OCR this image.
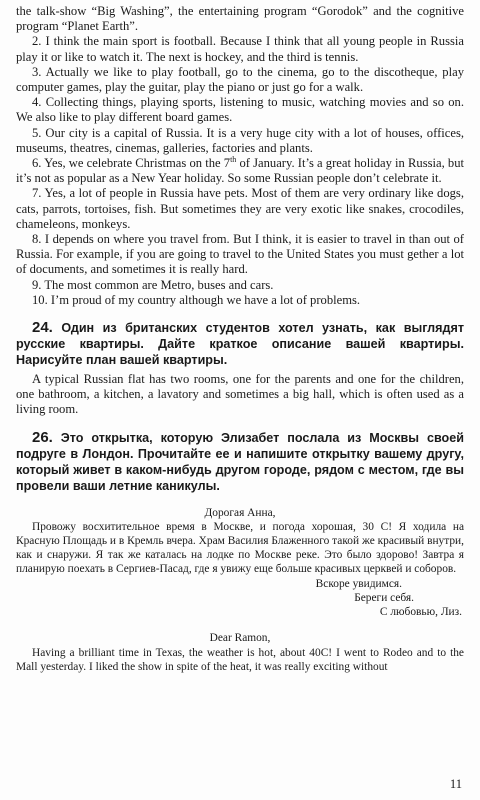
the talk-show “Big Washing”, the entertaining program “Gorodok” and the cognitive program “Planet Earth”.

2. I think the main sport is football. Because I think that all young people in Russia play it or like to watch it. The next is hockey, and the third is tennis.

3. Actually we like to play football, go to the cinema, go to the discotheque, play computer games, play the guitar, play the piano or just go for a walk.

4. Collecting things, playing sports, listening to music, watching movies and so on. We also like to play different board games.

5. Our city is a capital of Russia. It is a very huge city with a lot of houses, offices, museums, theatres, cinemas, galleries, factories and plants.

6. Yes, we celebrate Christmas on the 7th of January. It’s a great holiday in Russia, but it’s not as popular as a New Year holiday. So some Russian people don’t celebrate it.

7. Yes, a lot of people in Russia have pets. Most of them are very ordinary like dogs, cats, parrots, tortoises, fish. But sometimes they are very exotic like snakes, crocodiles, chameleons, monkeys.

8. I depends on where you travel from. But I think, it is easier to travel in than out of Russia. For example, if you are going to travel to the United States you must gether a lot of documents, and sometimes it is really hard.

9. The most common are Metro, buses and cars.

10. I’m proud of my country although we have a lot of problems.

24. Один из британских студентов хотел узнать, как выглядят русские квартиры. Дайте краткое описание вашей квартиры. Нарисуйте план вашей квартиры.

A typical Russian flat has two rooms, one for the parents and one for the children, one bathroom, a kitchen, a lavatory and sometimes a big hall, which is often used as a living room.

26. Это открытка, которую Элизабет послала из Москвы своей подруге в Лондон. Прочитайте ее и напишите открытку вашему другу, который живет в каком-нибудь другом городе, рядом с местом, где вы провели ваши летние каникулы.

Дорогая Анна,

Провожу восхитительное время в Москве, и погода хорошая, 30 С! Я ходила на Красную Площадь и в Кремль вчера. Храм Василия Блаженного такой же красивый внутри, как и снаружи. Я так же каталась на лодке по Москве реке. Это было здорово! Завтра я планирую поехать в Сергиев-Пасад, где я увижу еще больше красивых церквей и соборов.

Вскоре увидимся.

Береги себя.

С любовью, Лиз.

Dear Ramon,

Having a brilliant time in Texas, the weather is hot, about 40C! I went to Rodeo and to the Mall yesterday. I liked the show in spite of the heat, it was really exciting without

11
